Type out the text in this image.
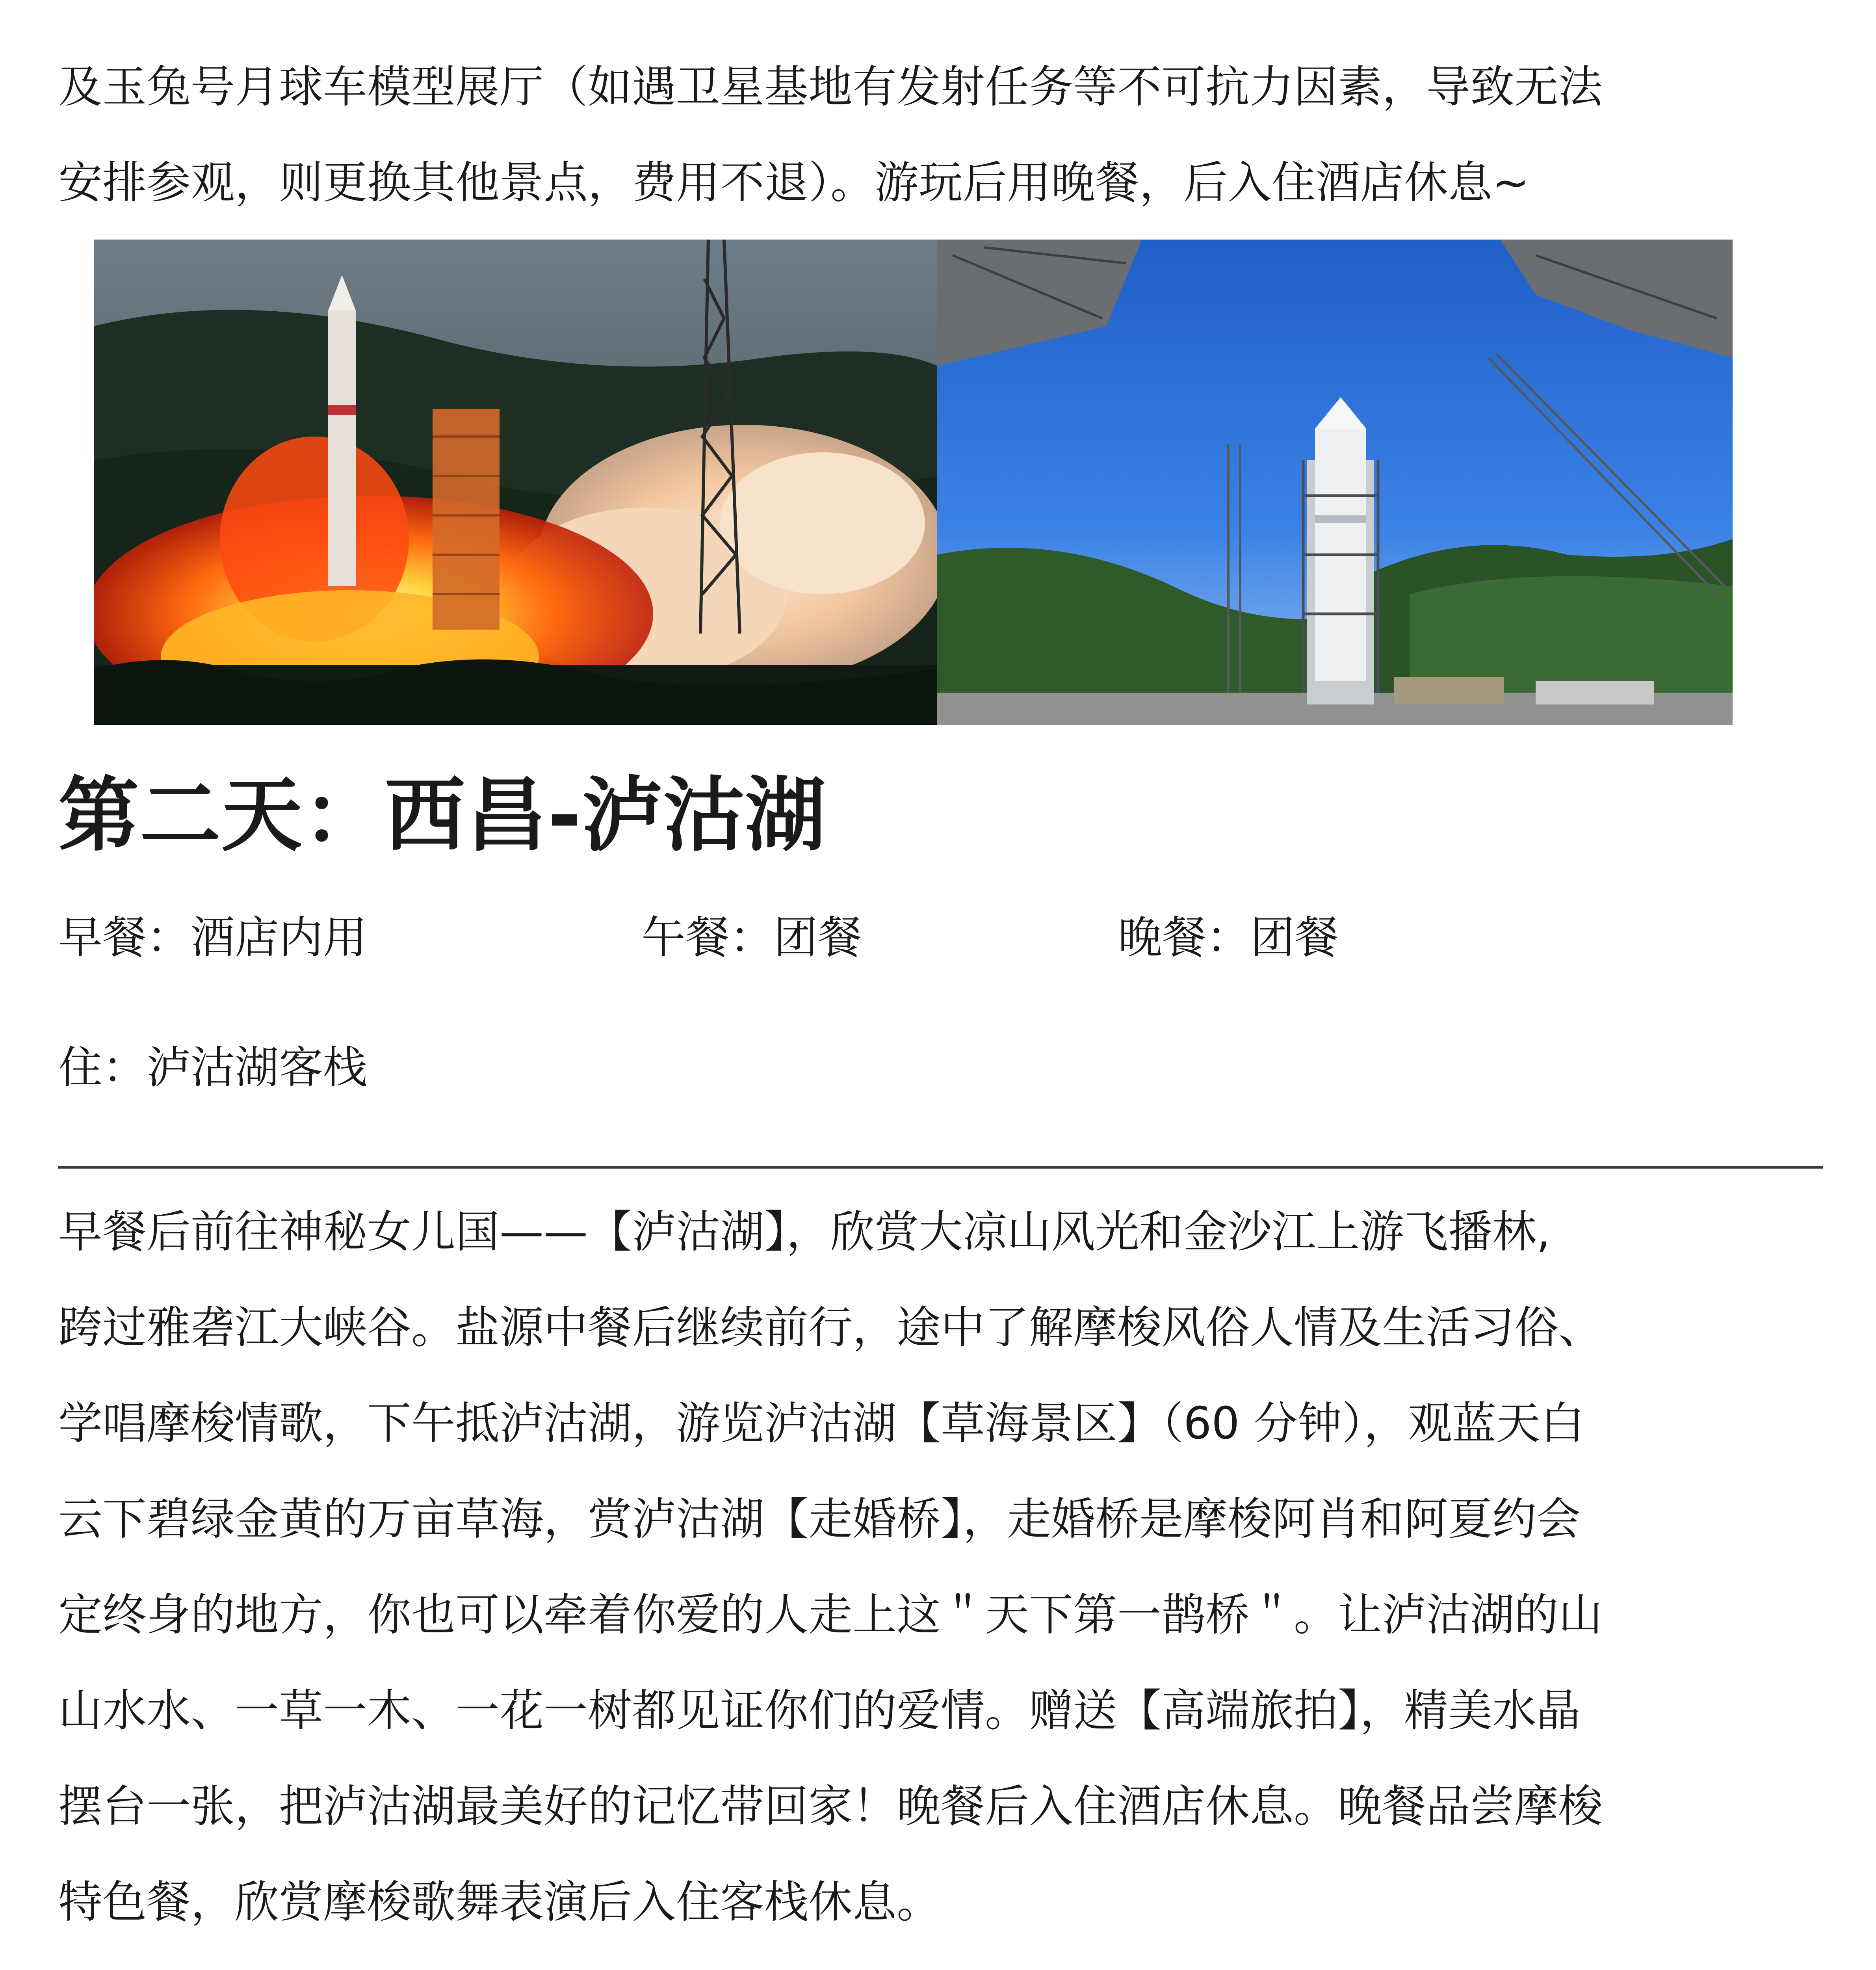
及玉兔号月球车模型展厅（如遇卫星基地有发射任务等不可抗力因素，导致无法
安排参观，则更换其他景点，费用不退）。游玩后用晚餐，后入住酒店休息~

第二天：西昌-泸沽湖
早餐：酒店内用	午餐：团餐	晚餐：团餐
住：泸沽湖客栈

早餐后前往神秘女儿国——【泸沽湖】，欣赏大凉山风光和金沙江上游飞播林,
跨过雅砻江大峡谷。盐源中餐后继续前行，途中了解摩梭风俗人情及生活习俗、
学唱摩梭情歌，下午抵泸沽湖，游览泸沽湖【草海景区】（60 分钟），观蓝天白
云下碧绿金黄的万亩草海，赏泸沽湖【走婚桥】，走婚桥是摩梭阿肖和阿夏约会
定终身的地方，你也可以牵着你爱的人走上这＂天下第一鹊桥＂。让泸沽湖的山
山水水、一草一木、一花一树都见证你们的爱情。赠送【高端旅拍】，精美水晶
摆台一张，把泸沽湖最美好的记忆带回家！晚餐后入住酒店休息。晚餐品尝摩梭
特色餐，欣赏摩梭歌舞表演后入住客栈休息。
